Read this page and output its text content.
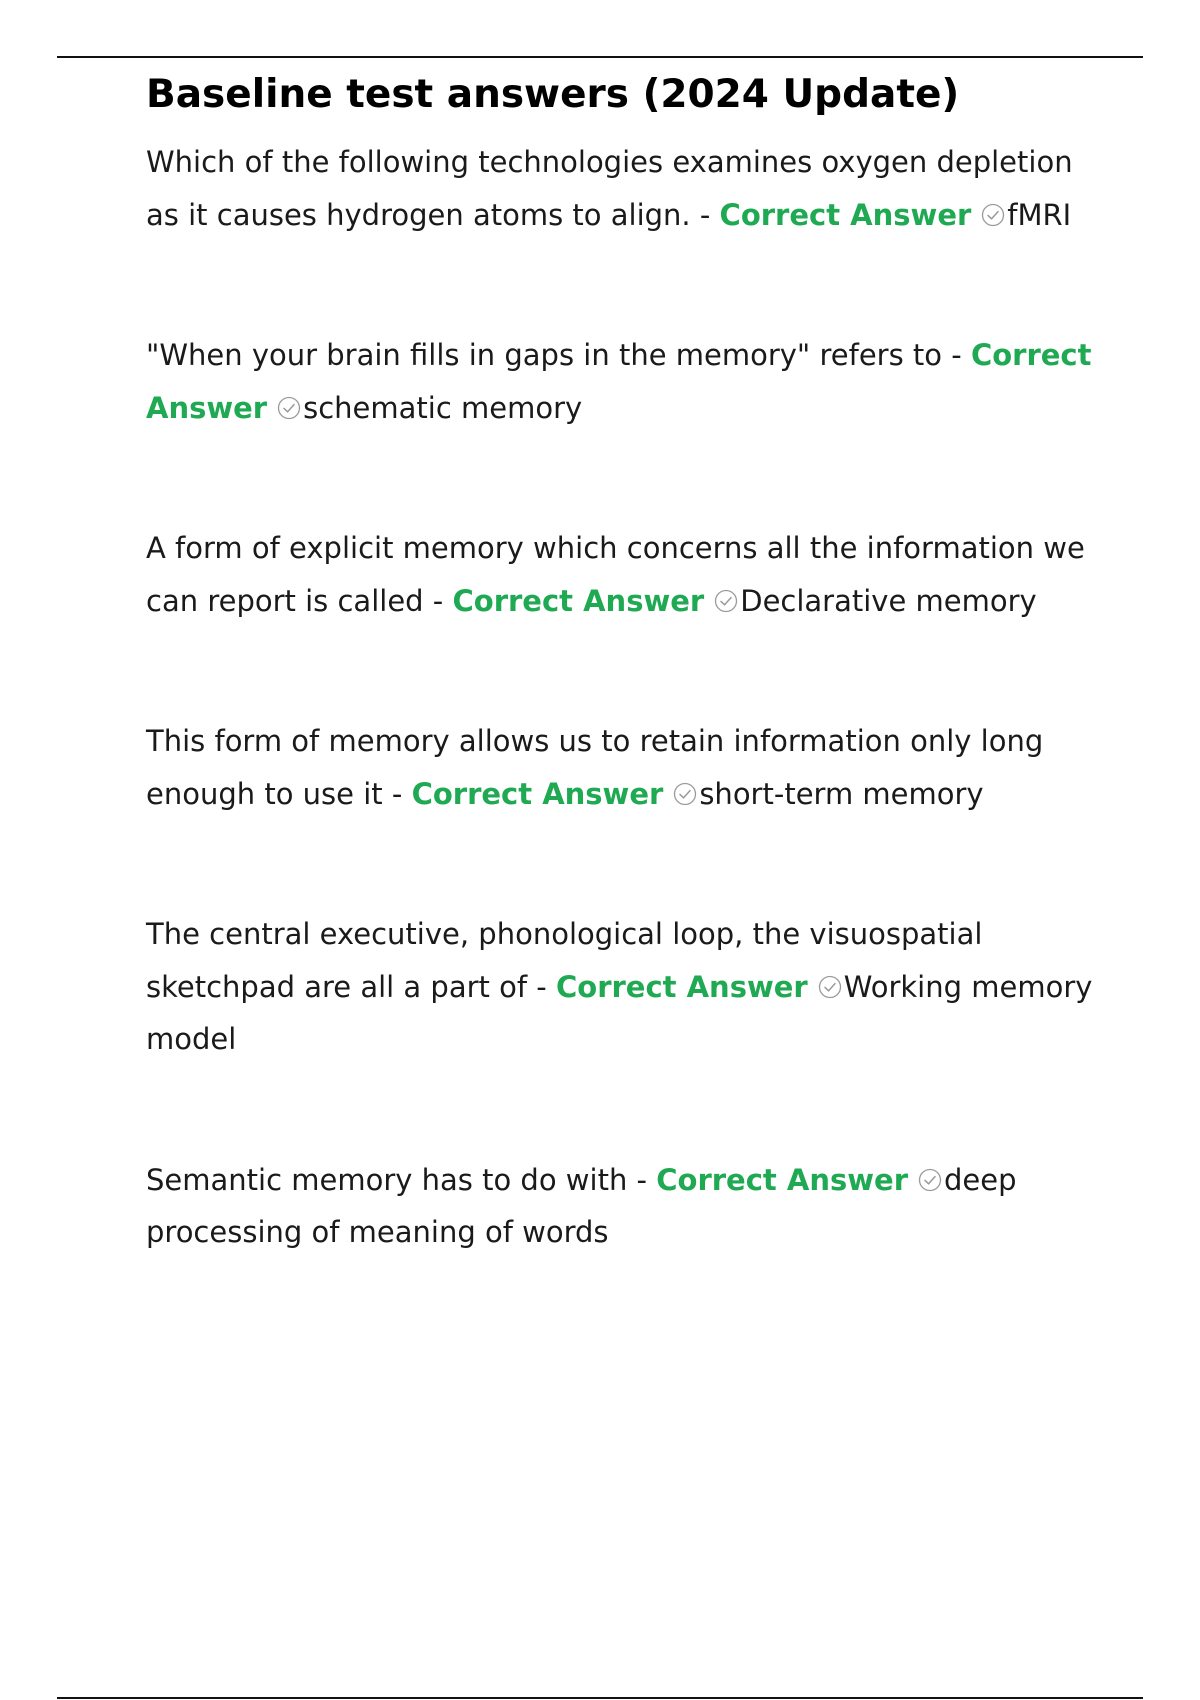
Baseline test answers (2024 Update)

Which of the following technologies examines oxygen depletion as it causes hydrogen atoms to align. - Correct Answer fMRI

"When your brain fills in gaps in the memory" refers to - Correct Answer schematic memory

A form of explicit memory which concerns all the information we can report is called - Correct Answer Declarative memory

This form of memory allows us to retain information only long enough to use it - Correct Answer short-term memory

The central executive, phonological loop, the visuospatial sketchpad are all a part of - Correct Answer Working memory model

Semantic memory has to do with - Correct Answer deep processing of meaning of words
